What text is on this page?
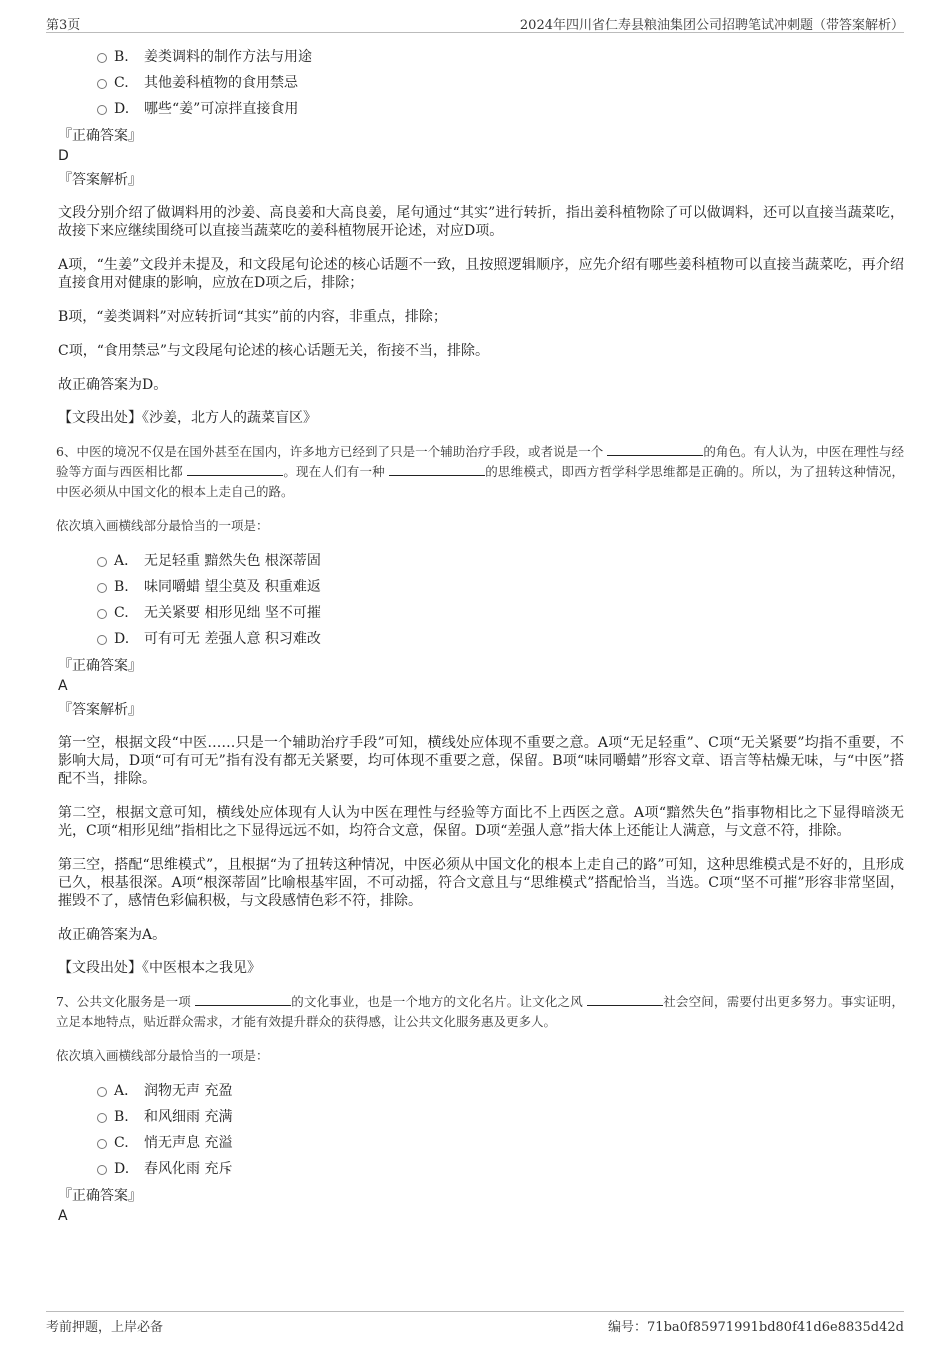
第3页	2024年四川省仁寿县粮油集团公司招聘笔试冲刺题（带答案解析）
B. 姜类调料的制作方法与用途
C. 其他姜科植物的食用禁忌
D. 哪些“姜”可凉拌直接食用
『正确答案』
D
『答案解析』
文段分别介绍了做调料用的沙姜、高良姜和大高良姜，尾句通过“其实”进行转折，指出姜科植物除了可以做调料，还可以直接当蔬菜吃，故接下来应继续围绕可以直接当蔬菜吃的姜科植物展开论述，对应D项。
A项，“生姜”文段并未提及，和文段尾句论述的核心话题不一致，且按照逻辑顺序，应先介绍有哪些姜科植物可以直接当蔬菜吃，再介绍直接食用对健康的影响，应放在D项之后，排除；
B项，“姜类调料”对应转折词“其实”前的内容，非重点，排除；
C项，“食用禁忌”与文段尾句论述的核心话题无关，衔接不当，排除。
故正确答案为D。
【文段出处】《沙姜，北方人的蔬菜盲区》
6、中医的境况不仅是在国外甚至在国内，许多地方已经到了只是一个辅助治疗手段，或者说是一个	的角色。有人认为，中医在理性与经验等方面与西医相比都	。现在人们有一种	的思维模式，即西方哲学科学思维都是正确的。所以，为了扭转这种情况，中医必须从中国文化的根本上走自己的路。
依次填入画横线部分最恰当的一项是：
A． 无足轻重 黯然失色 根深蒂固
B. 味同嚼蜡 望尘莫及 积重难返
C. 无关紧要 相形见绌 坚不可摧
D. 可有可无 差强人意 积习难改
『正确答案』
A
『答案解析』
第一空，根据文段“中医……只是一个辅助治疗手段”可知，横线处应体现不重要之意。A项“无足轻重”、C项“无关紧要”均指不重要，不影响大局，D项“可有可无”指有没有都无关紧要，均可体现不重要之意，保留。B项“味同嚼蜡”形容文章、语言等枯燥无味，与“中医”搭配不当，排除。
第二空，根据文意可知，横线处应体现有人认为中医在理性与经验等方面比不上西医之意。A项“黯然失色”指事物相比之下显得暗淡无光，C项“相形见绌”指相比之下显得远远不如，均符合文意，保留。D项“差强人意”指大体上还能让人满意，与文意不符，排除。
第三空，搭配“思维模式”，且根据“为了扭转这种情况，中医必须从中国文化的根本上走自己的路”可知，这种思维模式是不好的，且形成已久，根基很深。A项“根深蒂固”比喻根基牢固，不可动摇，符合文意且与“思维模式”搭配恰当，当选。C项“坚不可摧”形容非常坚固，摧毁不了，感情色彩偏积极，与文段感情色彩不符，排除。
故正确答案为A。
【文段出处】《中医根本之我见》
7、公共文化服务是一项	的文化事业，也是一个地方的文化名片。让文化之风	社会空间，需要付出更多努力。事实证明，立足本地特点，贴近群众需求，才能有效提升群众的获得感，让公共文化服务惠及更多人。
依次填入画横线部分最恰当的一项是：
A． 润物无声 充盈
B. 和风细雨 充满
C. 悄无声息 充溢
D. 春风化雨 充斥
『正确答案』
A
考前押题，上岸必备	编号：71ba0f85971991bd80f41d6e8835d42d
